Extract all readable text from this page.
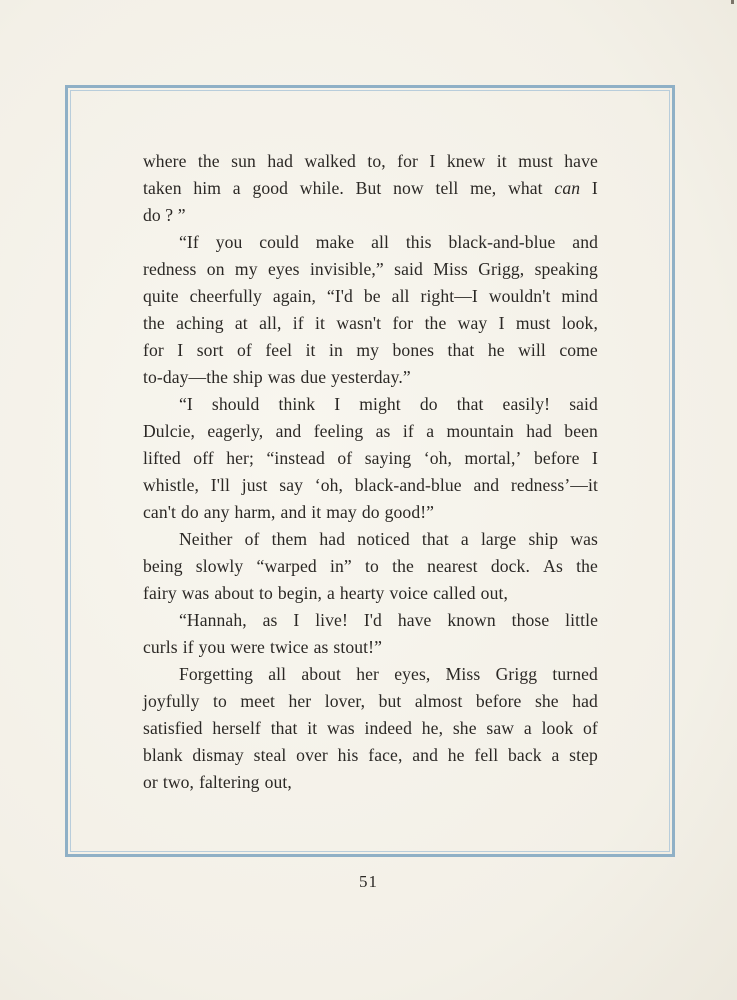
where the sun had walked to, for I knew it must have
taken him a good while. But now tell me, what can I
do ? ”
“If you could make all this black-and-blue and
redness on my eyes invisible,” said Miss Grigg, speaking
quite cheerfully again, “I'd be all right—I wouldn't mind
the aching at all, if it wasn't for the way I must look,
for I sort of feel it in my bones that he will come
to-day—the ship was due yesterday.”
“I should think I might do that easily! said
Dulcie, eagerly, and feeling as if a mountain had been
lifted off her; “instead of saying ‘oh, mortal,’ before I
whistle, I'll just say ‘oh, black-and-blue and redness’—it
can't do any harm, and it may do good!”
Neither of them had noticed that a large ship was
being slowly “warped in” to the nearest dock. As the
fairy was about to begin, a hearty voice called out,
“Hannah, as I live! I'd have known those little
curls if you were twice as stout!”
Forgetting all about her eyes, Miss Grigg turned
joyfully to meet her lover, but almost before she had
satisfied herself that it was indeed he, she saw a look of
blank dismay steal over his face, and he fell back a step
or two, faltering out,
51
